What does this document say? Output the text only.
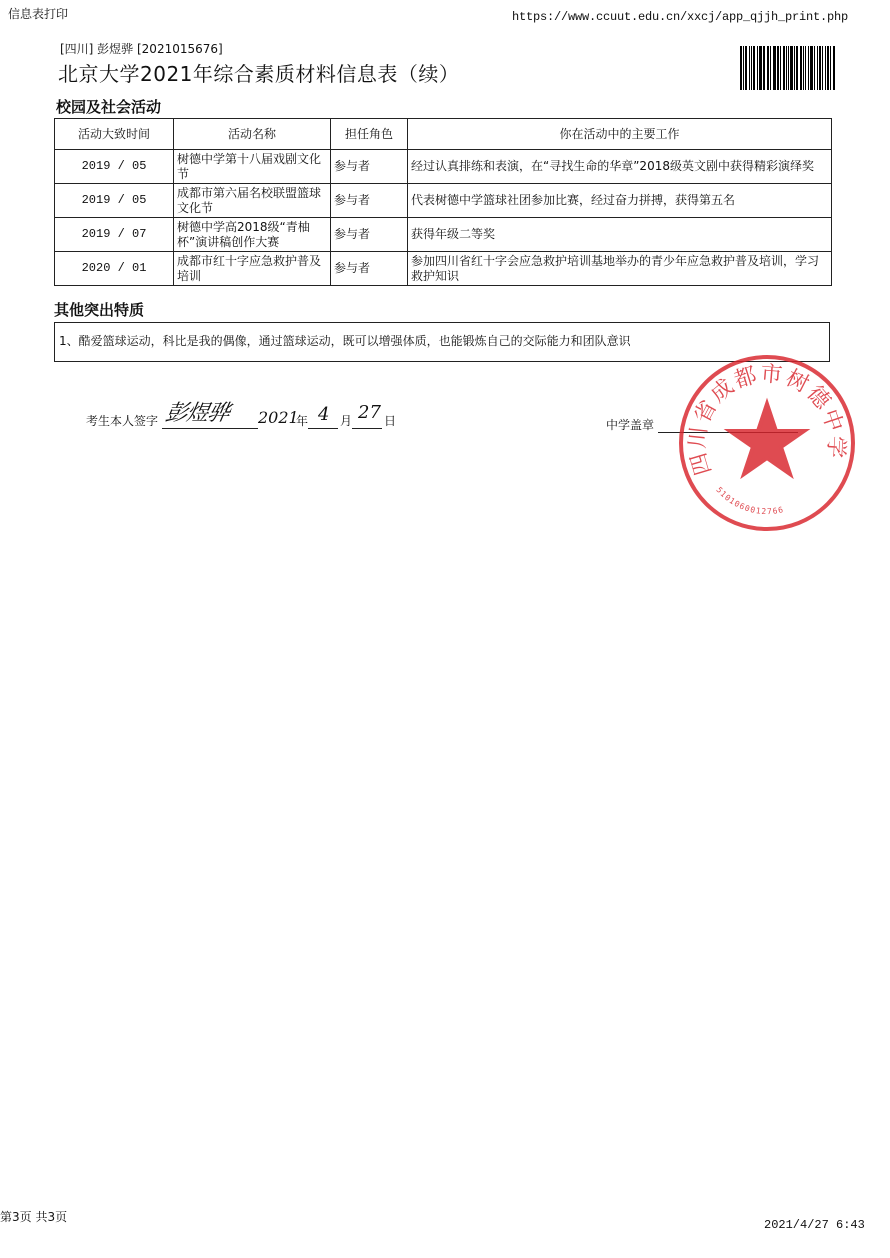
信息表打印	https://www.ccuut.edu.cn/xxcj/app_qjjh_print.php
[四川] 彭煜骅 [2021015676]
北京大学2021年综合素质材料信息表（续）
校园及社会活动
活动大致时间	活动名称	担任角色	你在活动中的主要工作
2019 / 05	树德中学第十八届戏剧文化节	参与者	经过认真排练和表演，在“寻找生命的华章”2018级英文剧中获得精彩演绎奖
2019 / 05	成都市第六届名校联盟篮球文化节	参与者	代表树德中学篮球社团参加比赛，经过奋力拼搏，获得第五名
2019 / 07	树德中学高2018级“青柚杯”演讲稿创作大赛	参与者	获得年级二等奖
2020 / 01	成都市红十字应急救护普及培训	参与者	参加四川省红十字会应急救护培训基地举办的青少年应急救护普及培训，学习救护知识
其他突出特质
1、酷爱篮球运动，科比是我的偶像，通过篮球运动，既可以增强体质，也能锻炼自己的交际能力和团队意识
考生本人签字 彭煜骅 2021
年 4 月 27 日	中学盖章
四川省成都市树德中学
5101060012766
第3页 共3页
2021/4/27 6:43
